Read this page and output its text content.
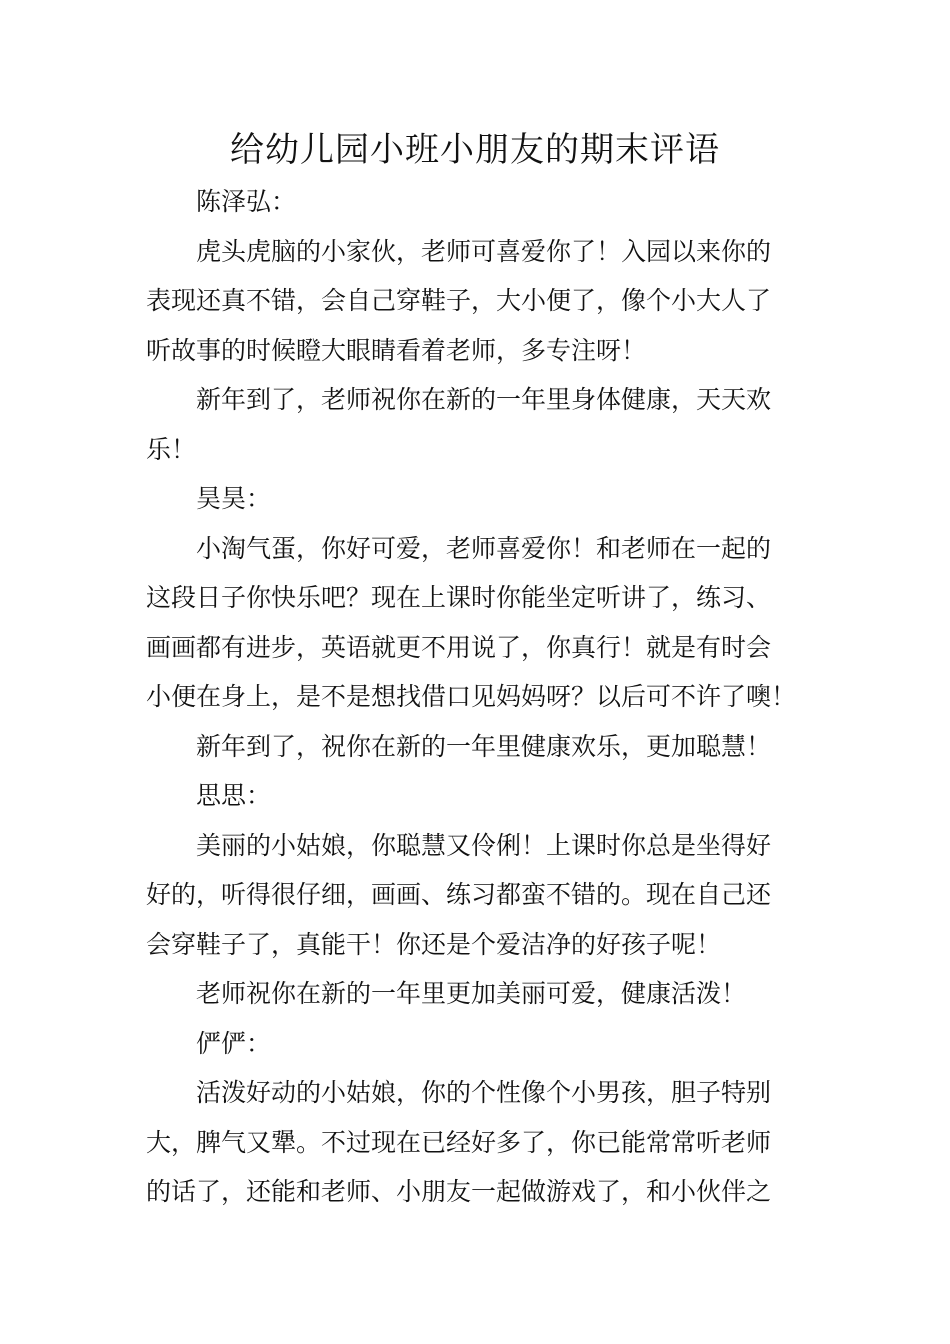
给幼儿园小班小朋友的期末评语

陈泽弘：

虎头虎脑的小家伙，老师可喜爱你了！入园以来你的
表现还真不错，会自己穿鞋子，大小便了，像个小大人了
听故事的时候瞪大眼睛看着老师，多专注呀！

新年到了，老师祝你在新的一年里身体健康，天天欢
乐！

昊昊：

小淘气蛋，你好可爱，老师喜爱你！和老师在一起的
这段日子你快乐吧？现在上课时你能坐定听讲了，练习、
画画都有进步，英语就更不用说了，你真行！就是有时会
小便在身上，是不是想找借口见妈妈呀？以后可不许了噢！

新年到了，祝你在新的一年里健康欢乐，更加聪慧！

思思：

美丽的小姑娘，你聪慧又伶俐！上课时你总是坐得好
好的，听得很仔细，画画、练习都蛮不错的。现在自己还
会穿鞋子了，真能干！你还是个爱洁净的好孩子呢！

老师祝你在新的一年里更加美丽可爱，健康活泼！

俨俨：

活泼好动的小姑娘，你的个性像个小男孩，胆子特别
大，脾气又犟。不过现在已经好多了，你已能常常听老师
的话了，还能和老师、小朋友一起做游戏了，和小伙伴之
